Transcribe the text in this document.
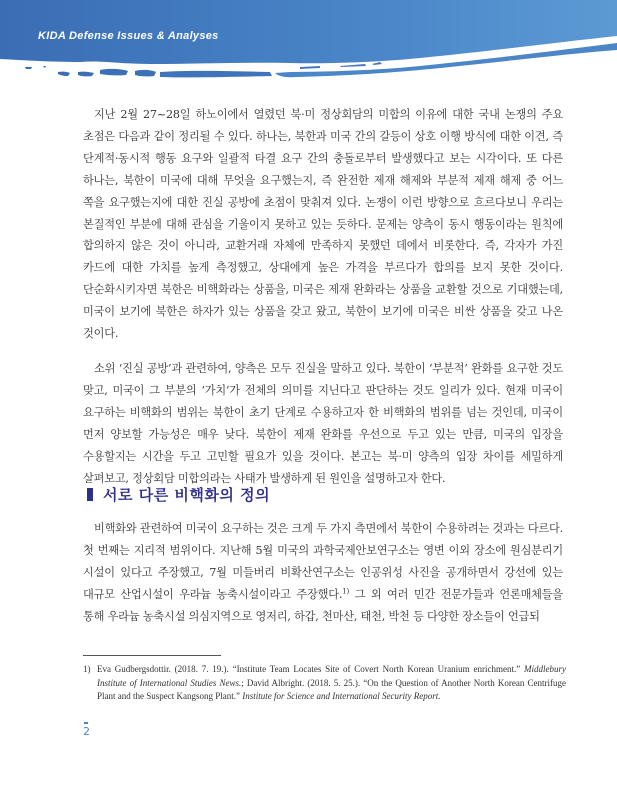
KIDA Defense Issues & Analyses

지난 2월 27~28일 하노이에서 열렸던 북·미 정상회담의 미합의 이유에 대한 국내 논쟁의 주요 초점은 다음과 같이 정리될 수 있다. 하나는, 북한과 미국 간의 갈등이 상호 이행 방식에 대한 이견, 즉 단계적·동시적 행동 요구와 일괄적 타결 요구 간의 충돌로부터 발생했다고 보는 시각이다. 또 다른 하나는, 북한이 미국에 대해 무엇을 요구했는지, 즉 완전한 제재 해제와 부분적 제재 해제 중 어느 쪽을 요구했는지에 대한 진실 공방에 초점이 맞춰져 있다. 논쟁이 이런 방향으로 흐르다보니 우리는 본질적인 부분에 대해 관심을 기울이지 못하고 있는 듯하다. 문제는 양측이 동시 행동이라는 원칙에 합의하지 않은 것이 아니라, 교환거래 자체에 만족하지 못했던 데에서 비롯한다. 즉, 각자가 가진 카드에 대한 가치를 높게 측정했고, 상대에게 높은 가격을 부르다가 합의를 보지 못한 것이다. 단순화시키자면 북한은 비핵화라는 상품을, 미국은 제재 완화라는 상품을 교환할 것으로 기대했는데, 미국이 보기에 북한은 하자가 있는 상품을 갖고 왔고, 북한이 보기에 미국은 비싼 상품을 갖고 나온 것이다.

소위 ‘진실 공방’과 관련하여, 양측은 모두 진실을 말하고 있다. 북한이 ‘부분적’ 완화를 요구한 것도 맞고, 미국이 그 부분의 ‘가치’가 전체의 의미를 지닌다고 판단하는 것도 일리가 있다. 현재 미국이 요구하는 비핵화의 범위는 북한이 초기 단계로 수용하고자 한 비핵화의 범위를 넘는 것인데, 미국이 먼저 양보할 가능성은 매우 낮다. 북한이 제재 완화를 우선으로 두고 있는 만큼, 미국의 입장을 수용할지는 시간을 두고 고민할 필요가 있을 것이다. 본고는 북·미 양측의 입장 차이를 세밀하게 살펴보고, 정상회담 미합의라는 사태가 발생하게 된 원인을 설명하고자 한다.

서로 다른 비핵화의 정의

비핵화와 관련하여 미국이 요구하는 것은 크게 두 가지 측면에서 북한이 수용하려는 것과는 다르다. 첫 번째는 지리적 범위이다. 지난해 5월 미국의 과학국제안보연구소는 영변 이외 장소에 원심분리기 시설이 있다고 주장했고, 7월 미들버리 비확산연구소는 인공위성 사진을 공개하면서 강선에 있는 대규모 산업시설이 우라늄 농축시설이라고 주장했다.$^{1)}$ 그 외 여러 민간 전문가들과 언론매체들을 통해 우라늄 농축시설 의심지역으로 영저리, 하갑, 천마산, 태천, 박천 등 다양한 장소들이 언급되

1) Eva Gudbergsdottir. (2018. 7. 19.). “Institute Team Locates Site of Covert North Korean Uranium enrichment.” Middlebury Institute of International Studies News.; David Albright. (2018. 5. 25.). “On the Question of Another North Korean Centrifuge Plant and the Suspect Kangsong Plant.” Institute for Science and International Security Report.
2
